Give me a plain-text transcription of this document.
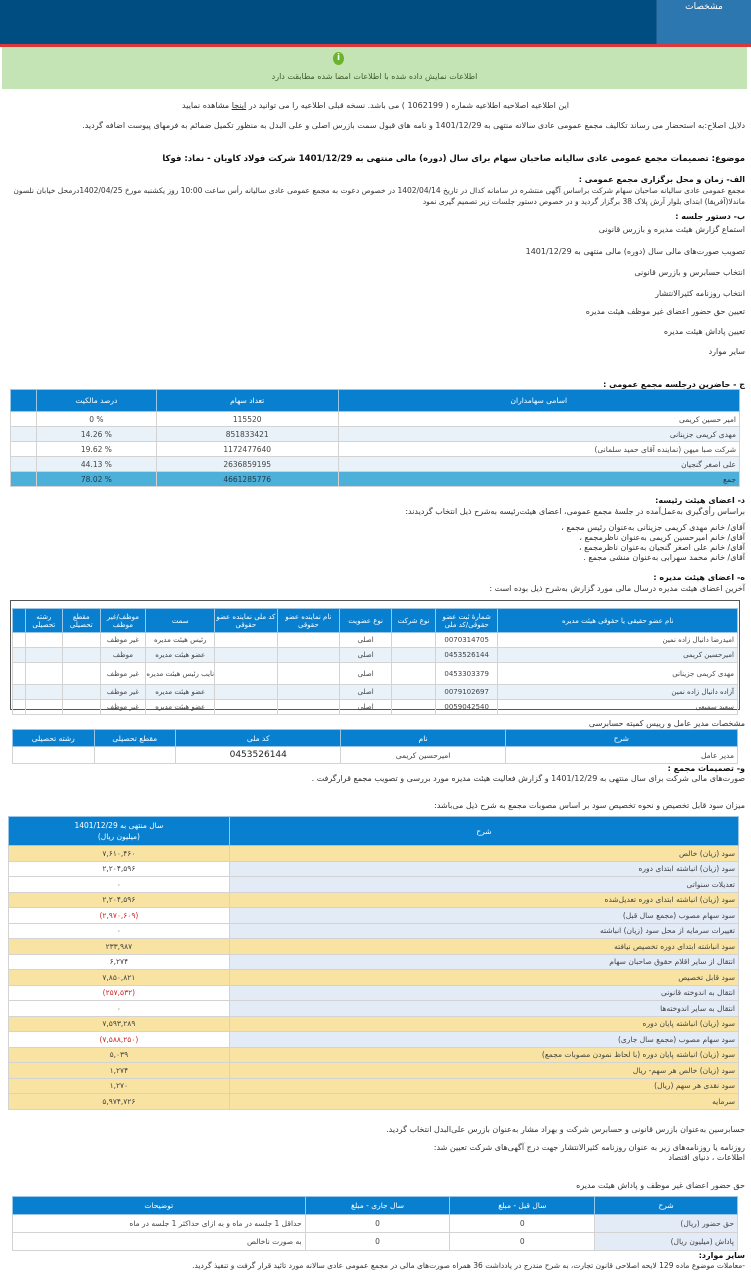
مشخصات
i
اطلاعات نمایش داده شده با اطلاعات امضا شده مطابقت دارد
این اطلاعیه اصلاحیه اطلاعیه شماره ( 1062199 ) می باشد. نسخه قبلی اطلاعیه را می توانید در اینجا مشاهده نمایید
دلایل اصلاح:به استحضار می رساند تکالیف مجمع عمومی عادی سالانه منتهی به 1401/12/29 و نامه های قبول سمت بازرس اصلی و علی البدل به منظور تکمیل ضمائم به فرمهای پیوست اضافه گردید.
موضوع: تصمیمات مجمع عمومی عادی سالیانه صاحبان سهام برای سال (دوره) مالی منتهی به 1401/12/29 شرکت فولاد کاویان - نماد: فوکا
الف- زمان و محل برگزاری مجمع عمومی :
مجمع عمومی عادی سالیانه صاحبان سهام شرکت براساس آگهی منتشره در سامانه کدال در تاریخ 1402/04/14 در خصوص دعوت به مجمع عمومی عادی سالیانه رأس ساعت 10:00 روز یکشنبه مورخ 1402/04/25درمحل خیابان نلسون ماندلا(آفریقا) ابتدای بلوار آرش پلاک 38 برگزار گردید و در خصوص دستور جلسات زیر تصمیم گیری نمود
ب- دستور جلسه :
استماع گزارش هیئت مدیره و بازرس قانونی
تصویب صورت‌های مالی سال (دوره) مالی منتهی به 1401/12/29
انتخاب حسابرس و بازرس قانونی
انتخاب روزنامه کثیرالانتشار
تعیین حق حضور اعضای غیر موظف هیئت مدیره
تعیین پاداش هیئت مدیره
سایر موارد
ج - حاضرین درجلسه مجمع عمومی :
اسامی سهامداران	تعداد سهام	درصد مالکیت	
امیر حسین کریمی	115520	% 0	
مهدی کریمی جزینانی	851833421	% 14.26	
شرکت صبا میهن (نماینده آقای حمید سلمانی)	1172477640	% 19.62	
علی اصغر گنجیان	2636859195	% 44.13	
جمع	4661285776	% 78.02	
د- اعضای هیئت رئیسه:
براساس رأی‌گیری به‌عمل‌آمده در جلسهٔ مجمع عمومی، اعضای هیئت‌رئیسه به‌شرح ذیل انتخاب گردیدند:
آقای/ خانم مهدی کریمی جزینانی به‌عنوان رئیس مجمع ،
آقای/ خانم امیرحسین کریمی به‌عنوان ناظرمجمع ،
آقای/ خانم علی اصغر گنجیان به‌عنوان ناظرمجمع ،
آقای/ خانم محمد سهرابی به‌عنوان منشی مجمع .
ه- اعضای هیئت مدیره :
آخرین اعضای هیئت مدیره درسال مالی مورد گزارش به‌شرح ذیل بوده است :
نام عضو حقیقی یا حقوقی هیئت مدیره	شمارهٔ ثبت عضو حقوقی/کد ملی	نوع شرکت	نوع عضویت	نام نماینده عضو حقوقی	کد ملی نماینده عضو حقوقی	سمت	موظف/غیر موظف	مقطع تحصیلی	رشته تحصیلی	
امیدرضا دانیال زاده نمین	0070314705		اصلی			رئیس هیئت مدیره	غیر موظف			
امیرحسین کریمی	0453526144		اصلی			عضو هیئت مدیره	موظف			
مهدی کریمی جزینانی	0453303379		اصلی			نایب رئیس هیئت مدیره	غیر موظف			
آزاده دانیال زاده نمین	0079102697		اصلی			عضو هیئت مدیره	غیر موظف			
سعید سمیعی	0059042540		اصلی			عضو هیئت مدیره	غیر موظف			
مشخصات مدیر عامل و رییس کمیته حسابرسی
شرح	نام	کد ملی	مقطع تحصیلی	رشته تحصیلی
مدیر عامل	امیرحسین کریمی	0453526144		
و- تصمیمات مجمع :
صورت‌های مالی شرکت برای سال منتهی به 1401/12/29 و گزارش فعالیت هیئت مدیره مورد بررسی و تصویب مجمع قرارگرفت .
میزان سود قابل تخصیص و نحوه تخصیص سود بر اساس مصوبات مجمع به شرح ذیل می‌باشد:
شرح	سال منتهی به 1401/12/29
(میلیون ریال)

سود (زیان) خالص	۷,۶۱۰,۴۶۰
سود (زیان) انباشته ابتدای دوره	۲,۲۰۴,۵۹۶
تعدیلات سنواتی	۰
سود (زیان) انباشته ابتدای دوره تعدیل‌شده	۲,۲۰۴,۵۹۶
سود سهام مصوب (مجمع سال قبل)	(۲,۹۷۰,۶۰۹)
تغییرات سرمایه از محل سود (زیان) انباشته	۰
سود انباشته ابتدای دوره تخصیص نیافته	۲۳۳,۹۸۷
انتقال از سایر اقلام حقوق صاحبان سهام	۶,۲۷۴
سود قابل تخصیص	۷,۸۵۰,۸۲۱
انتقال به اندوخته قانونی	(۲۵۷,۵۳۲)
انتقال به سایر اندوخته‌ها	۰
سود (زیان) انباشته پایان دوره	۷,۵۹۳,۲۸۹
سود سهام مصوب (مجمع سال جاری)	(۷,۵۸۸,۲۵۰)
سود (زیان) انباشته پایان دوره (با لحاظ نمودن مصوبات مجمع)	۵,۰۳۹
سود (زیان) خالص هر سهم- ریال	۱,۲۷۴
سود نقدی هر سهم (ریال)	۱,۲۷۰
سرمایه	۵,۹۷۴,۷۲۶
حسابرسین به‌عنوان بازرس قانونی و حسابرس شرکت و بهراد مشار به‌عنوان بازرس علی‌البدل انتخاب گردید.
روزنامه یا روزنامه‌های زیر به عنوان روزنامه کثیرالانتشار جهت درج آگهی‌های شرکت تعیین شد:
اطلاعات ، دنیای اقتصاد
حق حضور اعضای غیر موظف و پاداش هیئت مدیره
شرح	سال قبل - مبلغ	سال جاری - مبلغ	توضیحات
حق حضور (ریال)	0	0	حداقل 1 جلسه در ماه و به ازای حداکثر 1 جلسه در ماه
پاداش (میلیون ریال)	0	0	به صورت ناخالص
سایر موارد:
-معاملات موضوع ماده 129 لایحه اصلاحی قانون تجارت، به شرح مندرج در یادداشت 36 همراه صورت‌های مالی در مجمع عمومی عادی سالانه مورد تائید قرار گرفت و تنفیذ گردید.
